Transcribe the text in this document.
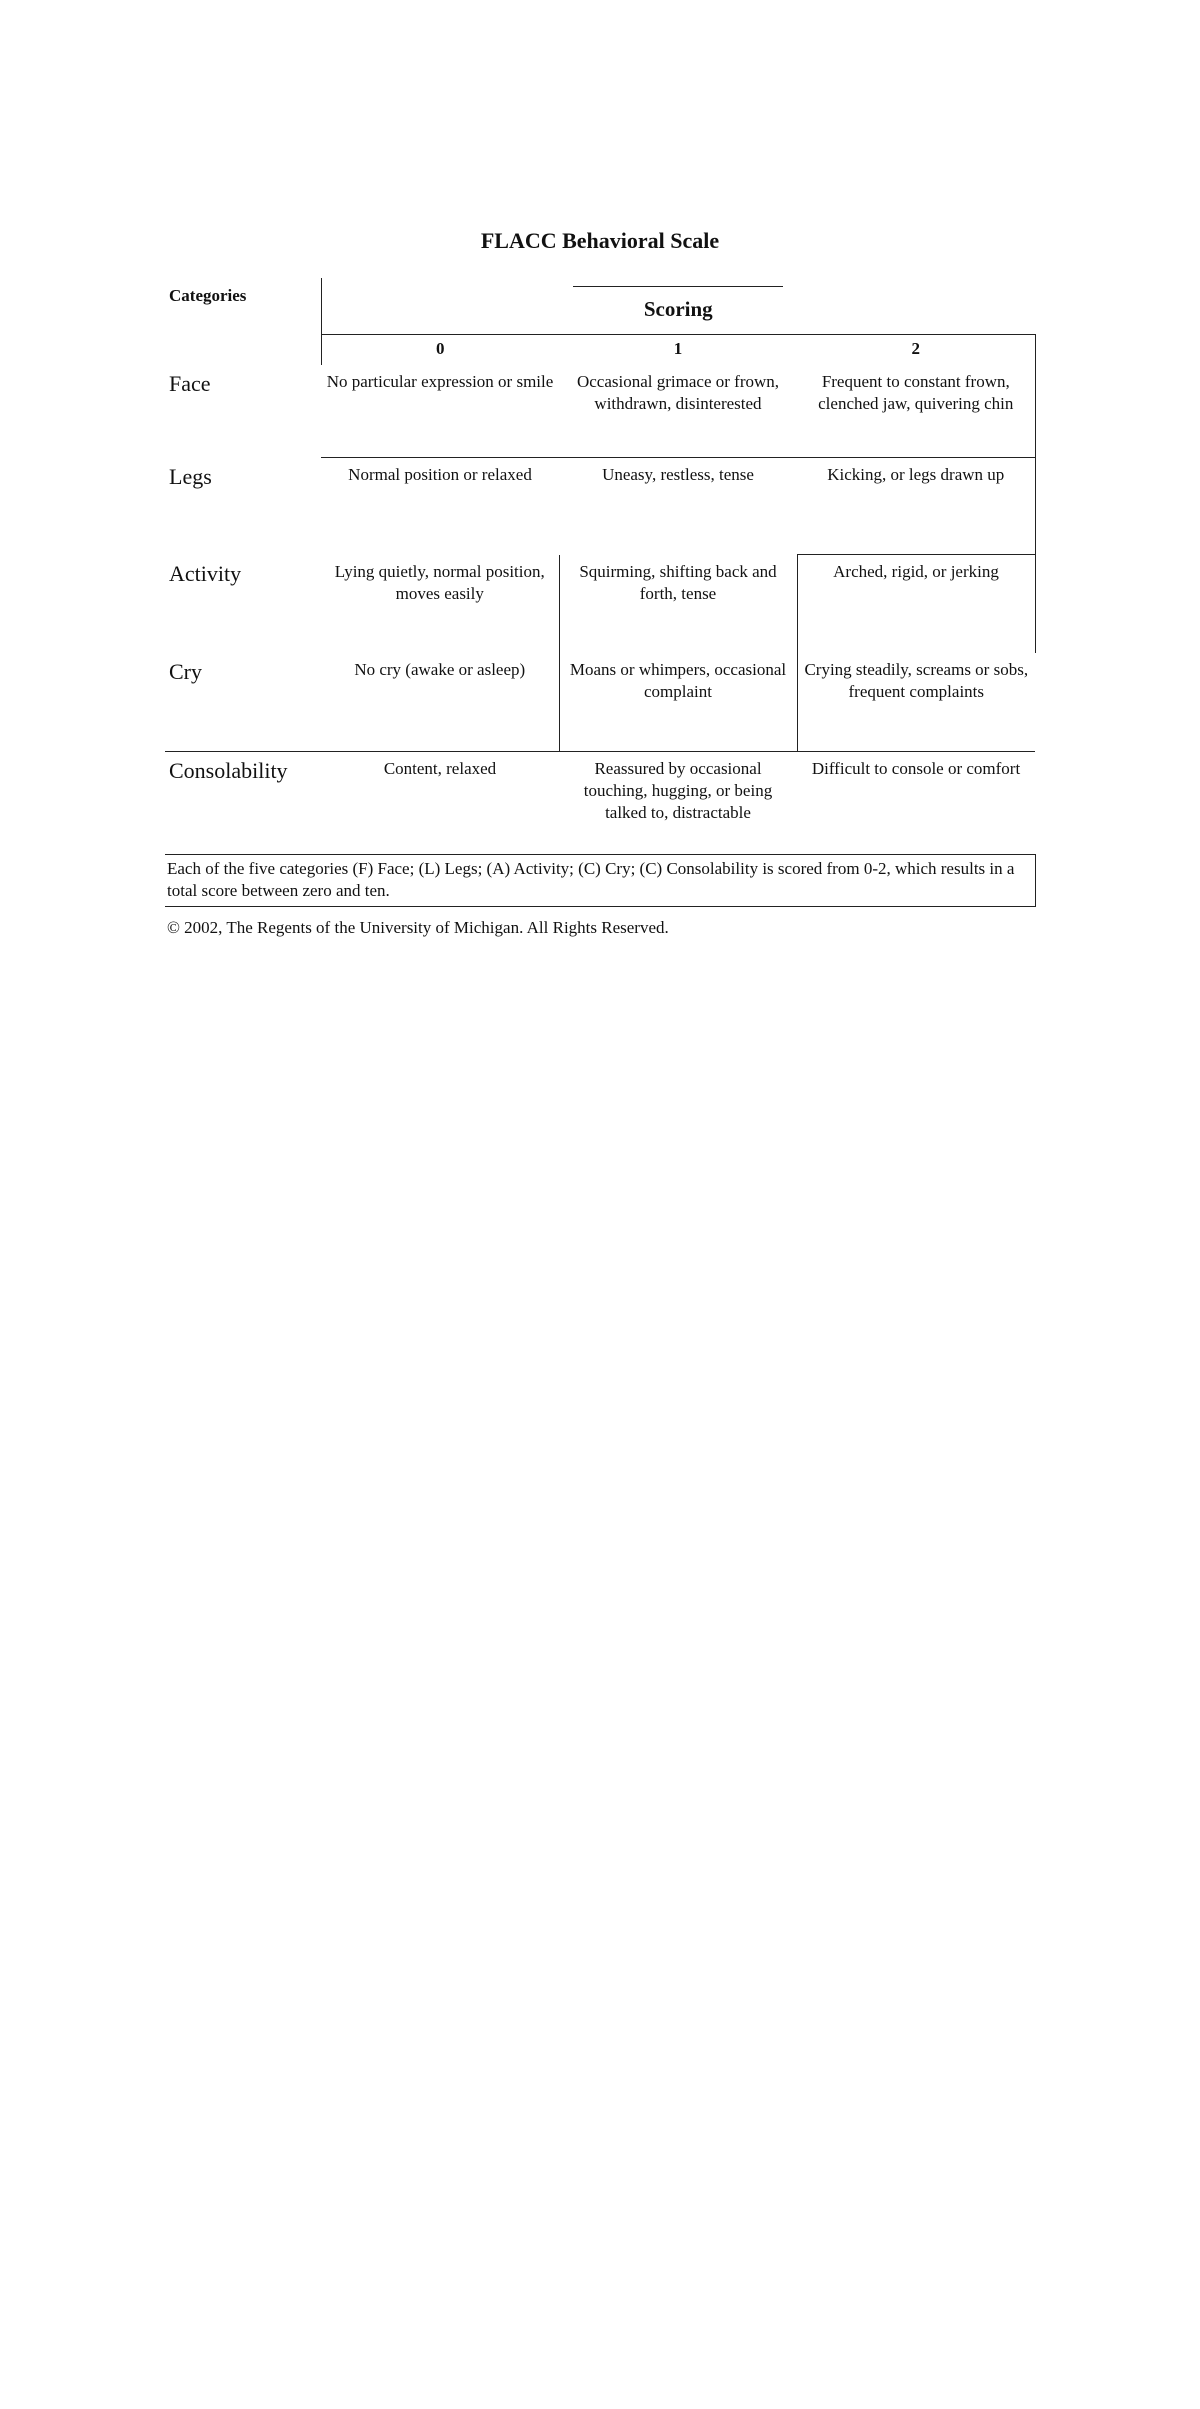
FLACC Behavioral Scale
Categories	Scoring		
	0	1	2
Face	No particular expression or smile	Occasional grimace or frown, withdrawn, disinterested	Frequent to constant frown, clenched jaw, quivering chin
Legs	Normal position or relaxed	Uneasy, restless, tense	Kicking, or legs drawn up
Activity	Lying quietly, normal position, moves easily	Squirming, shifting back and forth, tense	Arched, rigid, or jerking
Cry	No cry (awake or asleep)	Moans or whimpers, occasional complaint	Crying steadily, screams or sobs, frequent complaints
Consolability	Content, relaxed	Reassured by occasional touching, hugging, or being talked to, distractable	Difficult to console or comfort
Each of the five categories (F) Face; (L) Legs; (A) Activity; (C) Cry; (C) Consolability is scored from 0-2, which results in a total score between zero and ten.			
© 2002, The Regents of the University of Michigan. All Rights Reserved.
